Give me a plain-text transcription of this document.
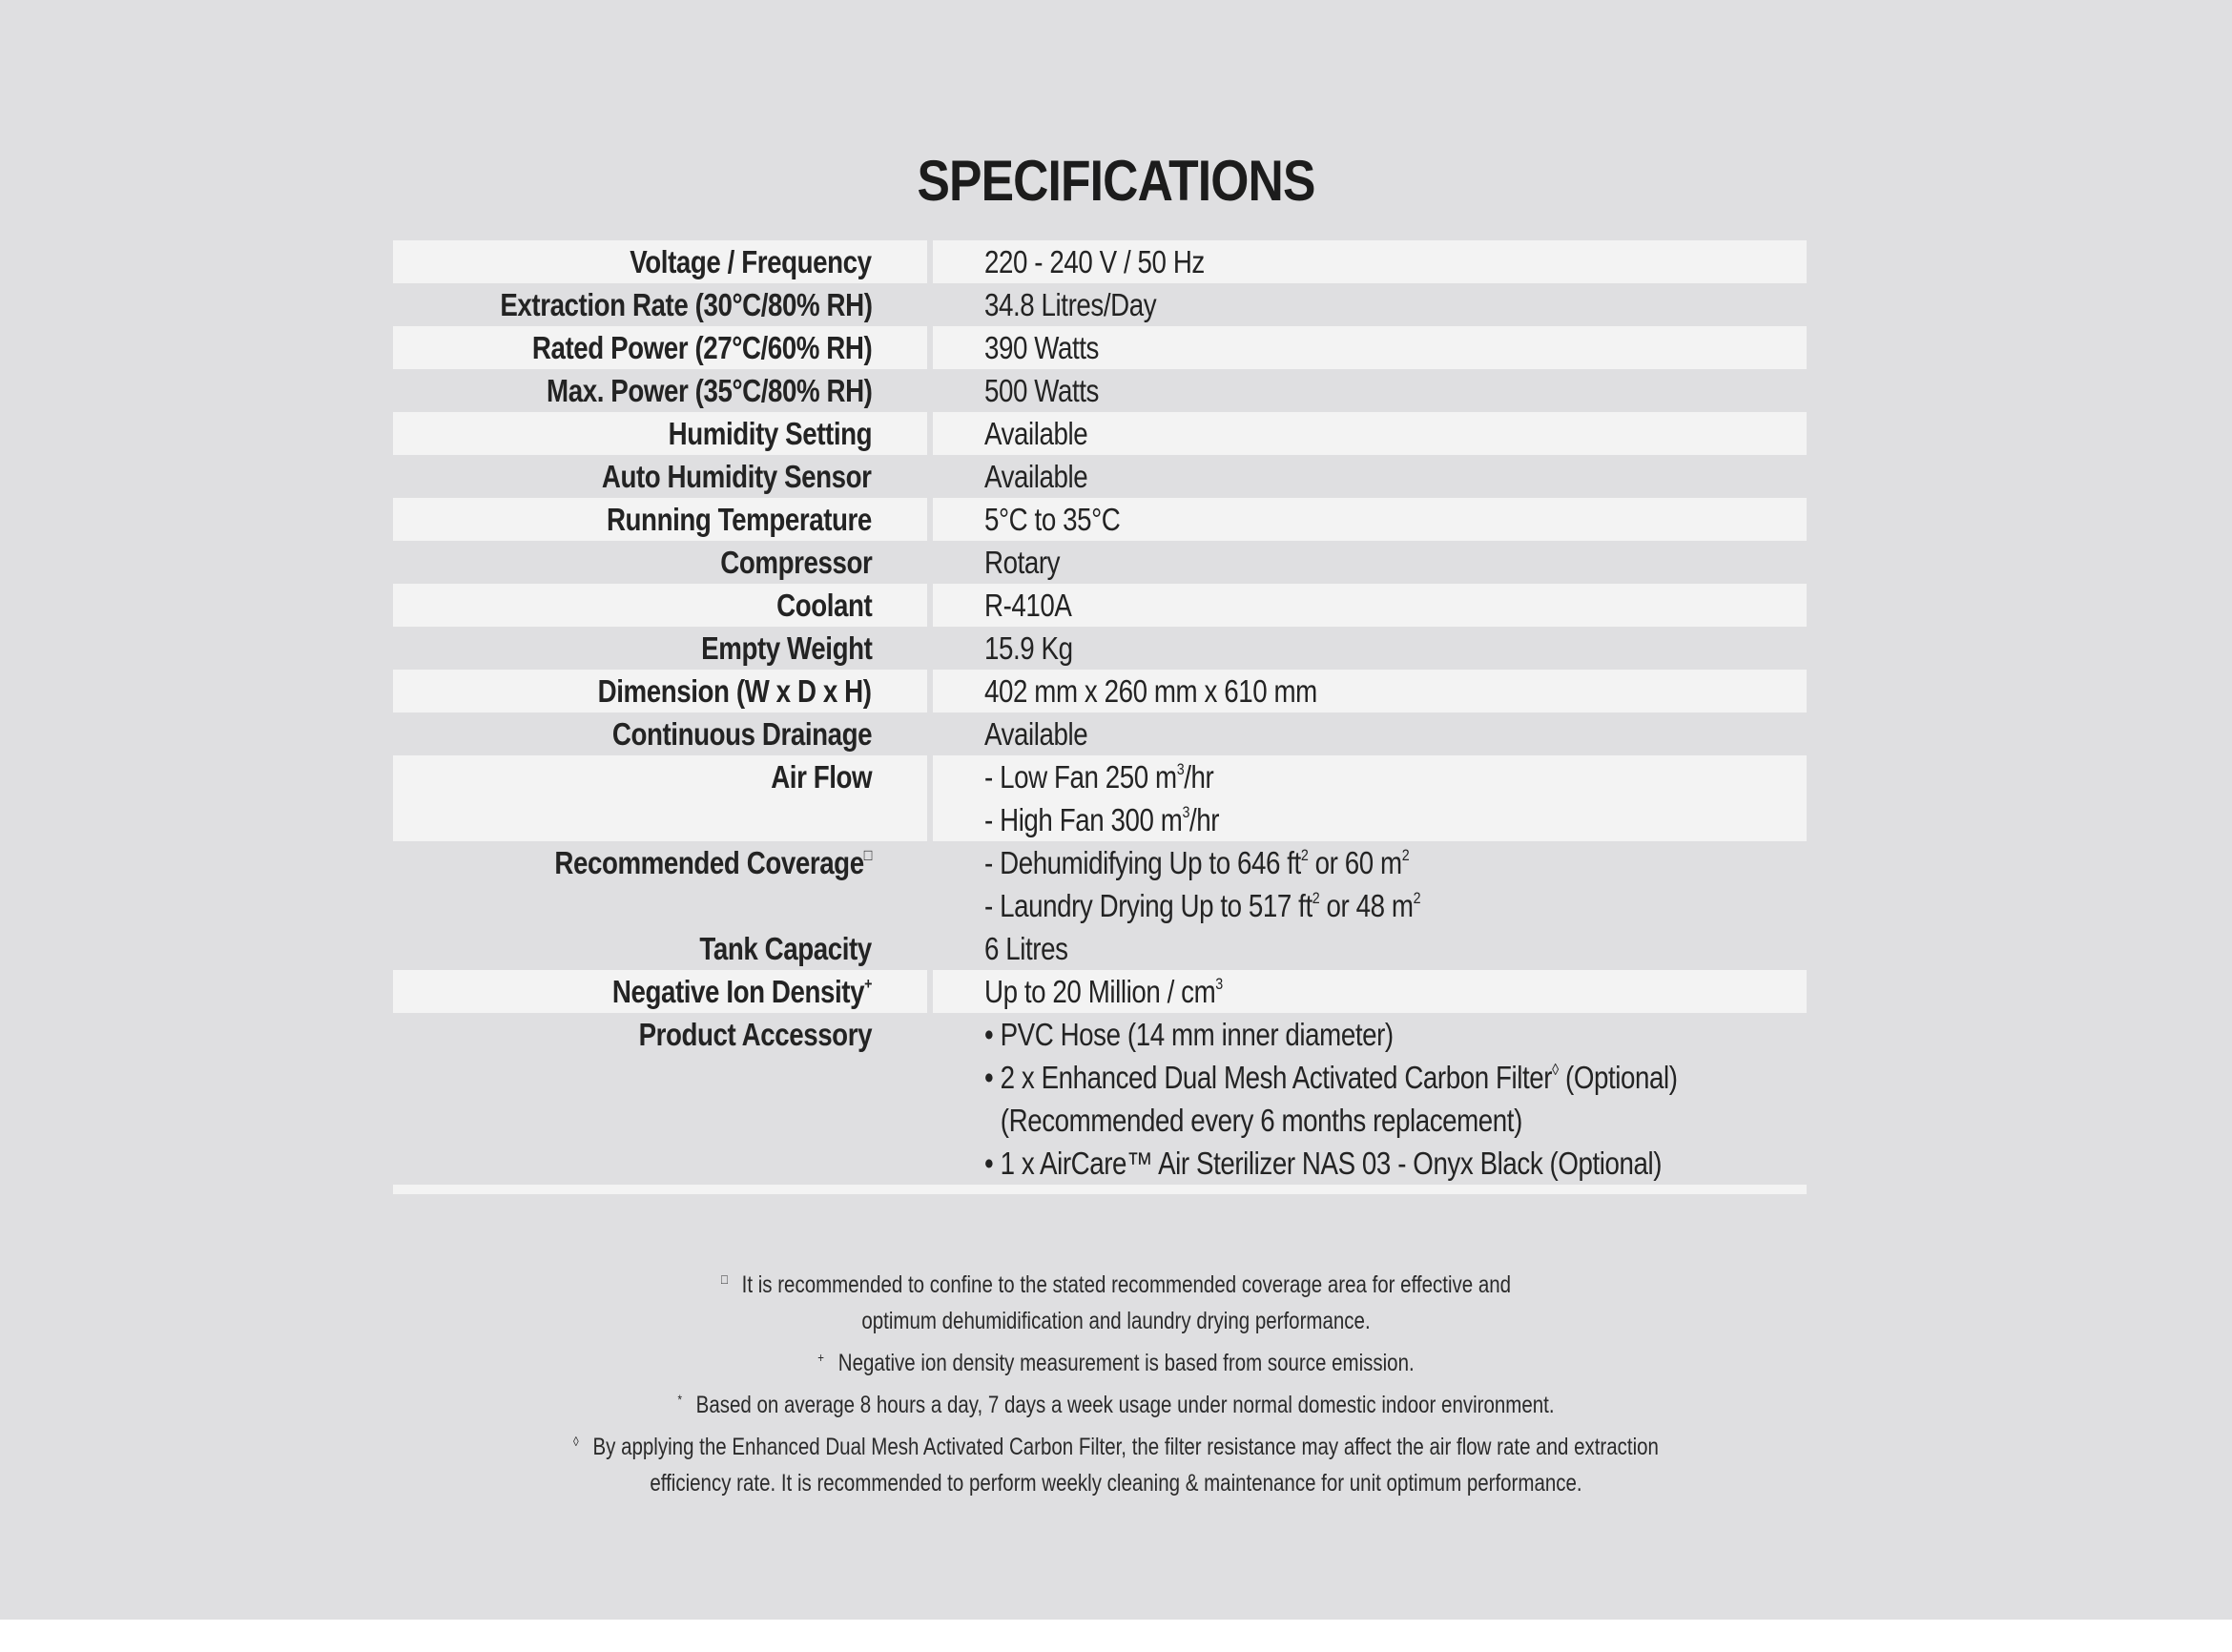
SPECIFICATIONS
Voltage / Frequency	220 - 240 V / 50 Hz
Extraction Rate (30°C/80% RH)	34.8 Litres/Day
Rated Power (27°C/60% RH)	390 Watts
Max. Power (35°C/80% RH)	500 Watts
Humidity Setting	Available
Auto Humidity Sensor	Available
Running Temperature	5°C to 35°C
Compressor	Rotary
Coolant	R-410A
Empty Weight	15.9 Kg
Dimension (W x D x H)	402 mm x 260 mm x 610 mm
Continuous Drainage	Available
Air Flow	- Low Fan 250 $m^3/hr$
- High Fan 300 $m^3/hr$
Recommended Coverage□	- Dehumidifying Up to 646 $ft^2$ or 60 $m^2$
- Laundry Drying Up to 517 $ft^2$ or 48 $m^2$
Tank Capacity	6 Litres
Negative Ion Density+	Up to 20 Million / $cm^3$
Product Accessory	• PVC Hose (14 mm inner diameter)
• 2 x Enhanced Dual Mesh Activated Carbon Filter◊ (Optional)
(Recommended every 6 months replacement)
• 1 x AirCare™ Air Sterilizer NAS 03 - Onyx Black (Optional)
□ It is recommended to confine to the stated recommended coverage area for effective and
optimum dehumidification and laundry drying performance.
+ Negative ion density measurement is based from source emission.
* Based on average 8 hours a day, 7 days a week usage under normal domestic indoor environment.
◊ By applying the Enhanced Dual Mesh Activated Carbon Filter, the filter resistance may affect the air flow rate and extraction
efficiency rate. It is recommended to perform weekly cleaning & maintenance for unit optimum performance.
